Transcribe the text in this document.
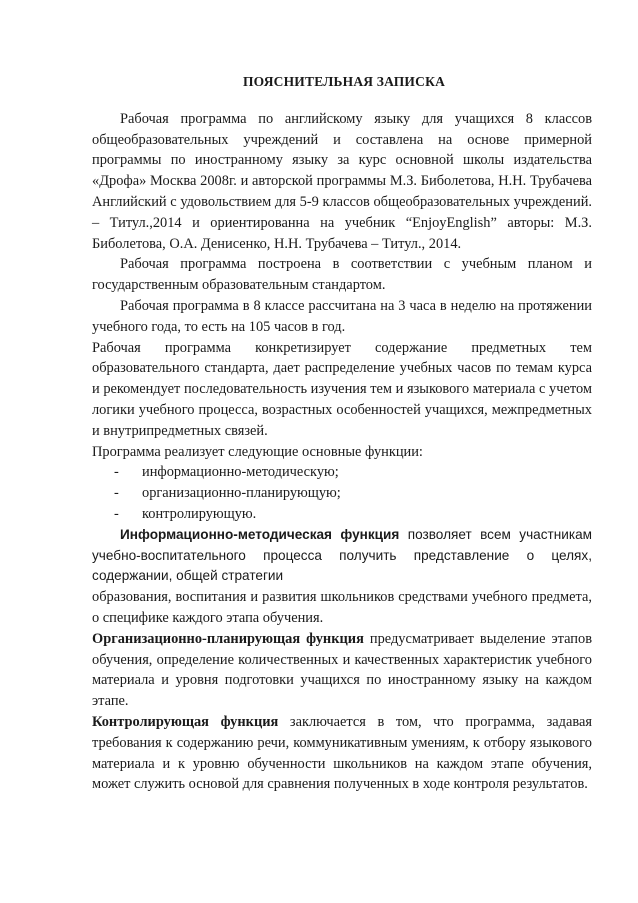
ПОЯСНИТЕЛЬНАЯ ЗАПИСКА

Рабочая программа по английскому языку для учащихся 8 классов общеобразовательных учреждений и составлена на основе примерной программы по иностранному языку за курс основной школы издательства «Дрофа» Москва 2008г. и авторской программы М.З. Биболетова, Н.Н. Трубачева Английский с удовольствием для 5-9 классов общеобразовательных учреждений. – Титул.,2014 и ориентированна на учебник “EnjoyEnglish” авторы: М.З. Биболетова, О.А. Денисенко, Н.Н. Трубачева – Титул., 2014.

Рабочая программа построена в соответствии с учебным планом и государственным образовательным стандартом.

Рабочая программа в 8 классе рассчитана на 3 часа в неделю на протяжении учебного года, то есть на 105 часов в год.

Рабочая программа конкретизирует содержание предметных тем образовательного стандарта, дает распределение учебных часов по темам курса и рекомендует последовательность изучения тем и языкового материала с учетом логики учебного процесса, возрастных особенностей учащихся, межпредметных и внутрипредметных связей.

Программа реализует следующие основные функции:

- информационно-методическую;
- организационно-планирующую;
- контролирующую.

Информационно-методическая функция позволяет всем участникам учебно-воспитательного процесса получить представление о целях, содержании, общей стратегии

образования, воспитания и развития школьников средствами учебного предмета, о специфике каждого этапа обучения.

Организационно-планирующая функция предусматривает выделение этапов обучения, определение количественных и качественных характеристик учебного материала и уровня подготовки учащихся по иностранному языку на каждом этапе.

Контролирующая функция заключается в том, что программа, задавая требования к содержанию речи, коммуникативным умениям, к отбору языкового материала и к уровню обученности школьников на каждом этапе обучения, может служить основой для сравнения полученных в ходе контроля результатов.
